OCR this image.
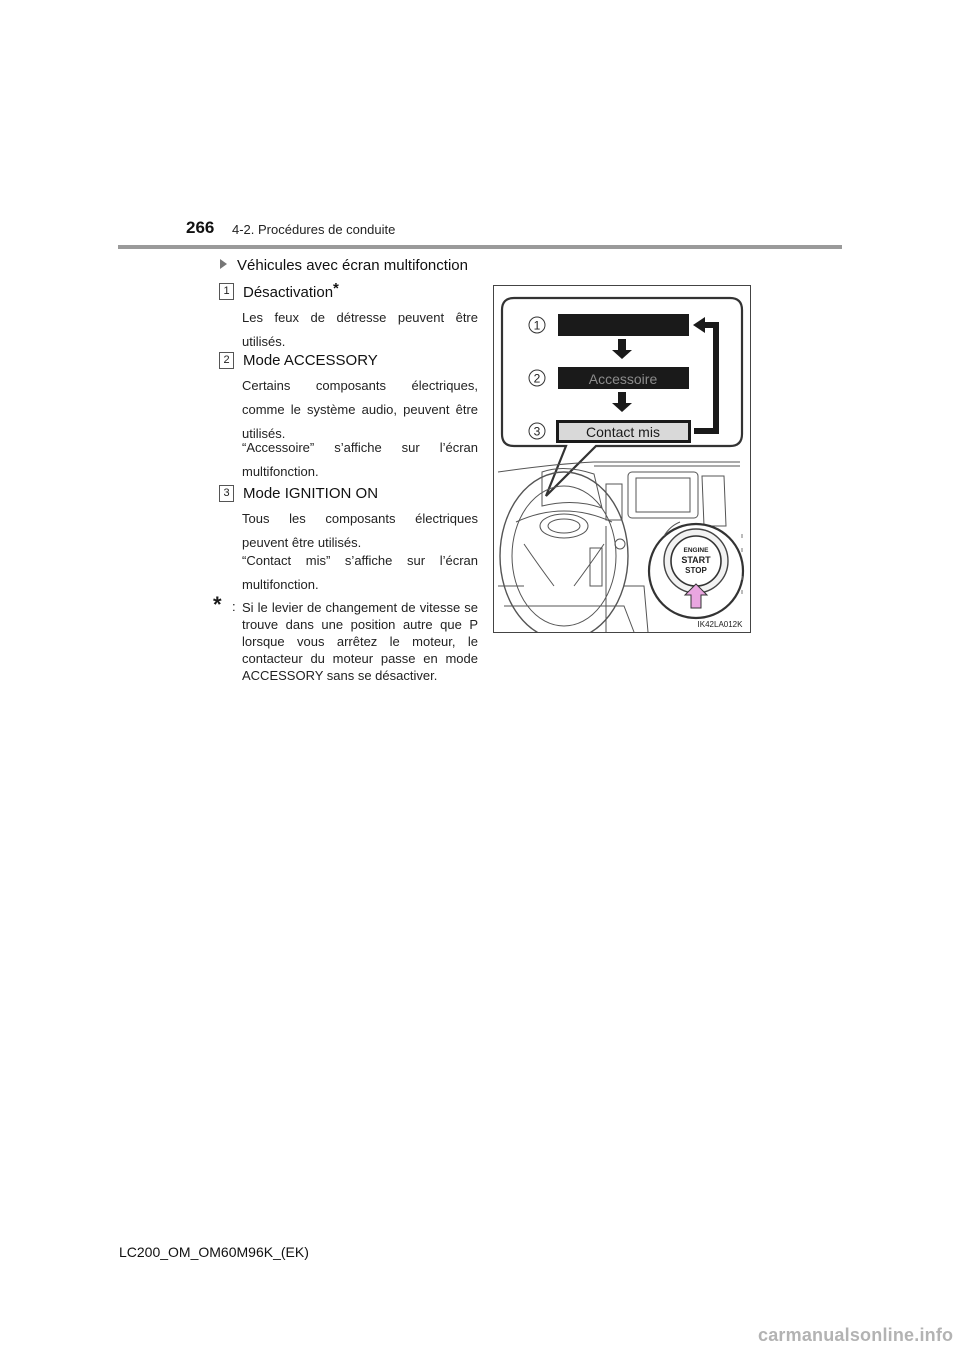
266 4-2. Procédures de conduite
Véhicules avec écran multifonction
1 Désactivation*
Les feux de détresse peuvent être utilisés.
2 Mode ACCESSORY
Certains composants électriques, comme le système audio, peuvent être utilisés.
“Accessoire” s’affiche sur l’écran multifonction.
3 Mode IGNITION ON
Tous les composants électriques peuvent être utilisés.
“Contact mis” s’affiche sur l’écran multifonction.
* : Si le levier de changement de vitesse se trouve dans une position autre que P lorsque vous arrêtez le moteur, le contacteur du moteur passe en mode ACCESSORY sans se désactiver.
1
2
3
Accessoire
Contact mis
ENGINE
START
STOP
IK42LA012K
LC200_OM_OM60M96K_(EK)
carmanualsonline.info
